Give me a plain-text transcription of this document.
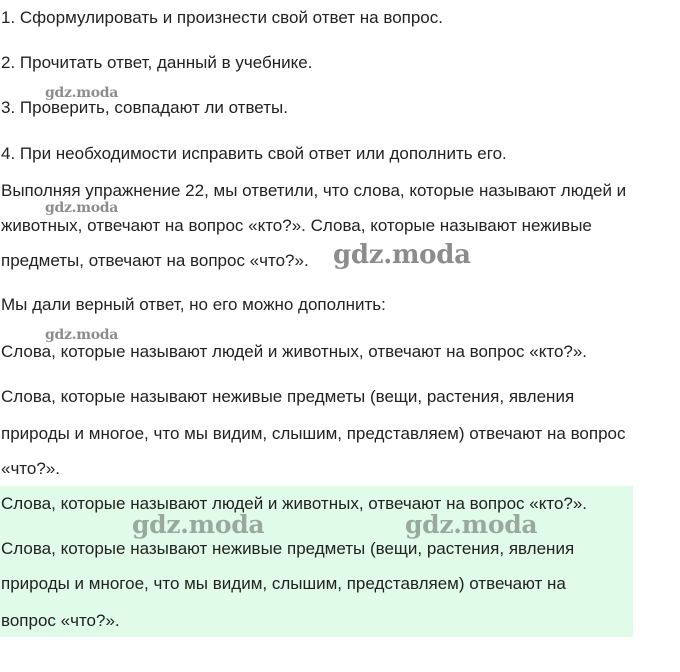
1. Сформулировать и произнести свой ответ на вопрос.

2. Прочитать ответ, данный в учебнике.

3. Проверить, совпадают ли ответы.

4. При необходимости исправить свой ответ или дополнить его.

Выполняя упражнение 22, мы ответили, что слова, которые называют людей и

животных, отвечают на вопрос «кто?». Слова, которые называют неживые

предметы, отвечают на вопрос «что?».

Мы дали верный ответ, но его можно дополнить:

Слова, которые называют людей и животных, отвечают на вопрос «кто?».

Слова, которые называют неживые предметы (вещи, растения, явления

природы и многое, что мы видим, слышим, представляем) отвечают на вопрос

«что?».

Слова, которые называют людей и животных, отвечают на вопрос «кто?».

Слова, которые называют неживые предметы (вещи, растения, явления

природы и многое, что мы видим, слышим, представляем) отвечают на

вопрос «что?».

gdz.moda
gdz.moda
gdz.moda
gdz.moda
gdz.moda	gdz.moda
